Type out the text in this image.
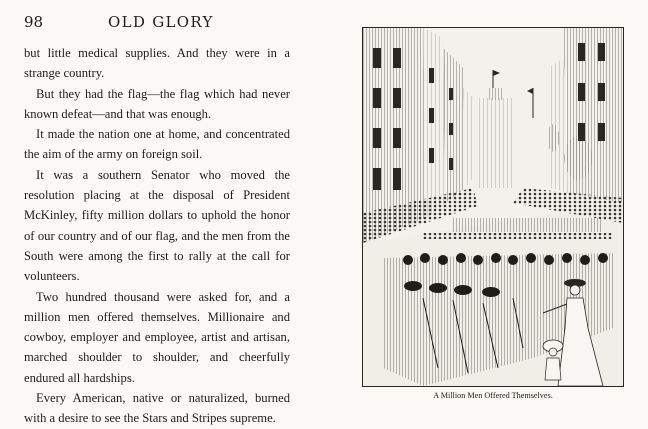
98	OLD GLORY

but little medical supplies. And they were in a strange country.

But they had the flag—the flag which had never known defeat—and that was enough.

It made the nation one at home, and concentrated the aim of the army on foreign soil.

It was a southern Senator who moved the resolution placing at the disposal of President McKinley, fifty million dollars to uphold the honor of our country and of our flag, and the men from the South were among the first to rally at the call for volunteers.

Two hundred thousand were asked for, and a million men offered themselves. Millionaire and cowboy, employer and employee, artist and artisan, marched shoulder to shoulder, and cheerfully endured all hardships.

Every American, native or naturalized, burned with a desire to see the Stars and Stripes supreme.

A Million Men Offered Themselves.
